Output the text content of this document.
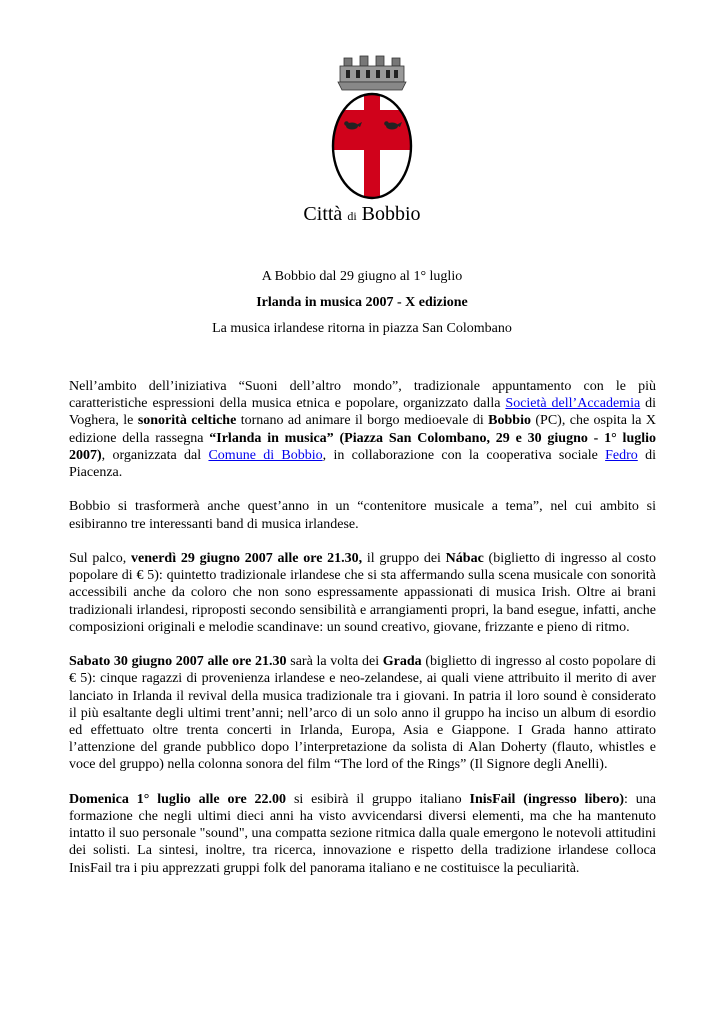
Città di Bobbio
A Bobbio dal 29 giugno al 1° luglio
Irlanda in musica 2007 - X edizione
La musica irlandese ritorna in piazza San Colombano

Nell’ambito dell’iniziativa “Suoni dell’altro mondo”, tradizionale appuntamento con le più caratteristiche espressioni della musica etnica e popolare, organizzato dalla Società dell’Accademia di Voghera, le sonorità celtiche tornano ad animare il borgo medioevale di Bobbio (PC), che ospita la X edizione della rassegna “Irlanda in musica” (Piazza San Colombano, 29 e 30 giugno - 1° luglio 2007), organizzata dal Comune di Bobbio, in collaborazione con la cooperativa sociale Fedro di Piacenza.

Bobbio si trasformerà anche quest’anno in un “contenitore musicale a tema”, nel cui ambito si esibiranno tre interessanti band di musica irlandese.

Sul palco, venerdì 29 giugno 2007 alle ore 21.30, il gruppo dei Nábac (biglietto di ingresso al costo popolare di € 5): quintetto tradizionale irlandese che si sta affermando sulla scena musicale con sonorità accessibili anche da coloro che non sono espressamente appassionati di musica Irish. Oltre ai brani tradizionali irlandesi, riproposti secondo sensibilità e arrangiamenti propri, la band esegue, infatti, anche composizioni originali e melodie scandinave: un sound creativo, giovane, frizzante e pieno di ritmo.

Sabato 30 giugno 2007 alle ore 21.30 sarà la volta dei Grada (biglietto di ingresso al costo popolare di € 5): cinque ragazzi di provenienza irlandese e neo-zelandese, ai quali viene attribuito il merito di aver lanciato in Irlanda il revival della musica tradizionale tra i giovani. In patria il loro sound è considerato il più esaltante degli ultimi trent’anni; nell’arco di un solo anno il gruppo ha inciso un album di esordio ed effettuato oltre trenta concerti in Irlanda, Europa, Asia e Giappone. I Grada hanno attirato l’attenzione del grande pubblico dopo l’interpretazione da solista di Alan Doherty (flauto, whistles e voce del gruppo) nella colonna sonora del film “The lord of the Rings” (Il Signore degli Anelli).

Domenica 1° luglio alle ore 22.00 si esibirà il gruppo italiano InisFail (ingresso libero): una formazione che negli ultimi dieci anni ha visto avvicendarsi diversi elementi, ma che ha mantenuto intatto il suo personale "sound", una compatta sezione ritmica dalla quale emergono le notevoli attitudini dei solisti. La sintesi, inoltre, tra ricerca, innovazione e rispetto della tradizione irlandese colloca InisFail tra i piu apprezzati gruppi folk del panorama italiano e ne costituisce la peculiarità.
